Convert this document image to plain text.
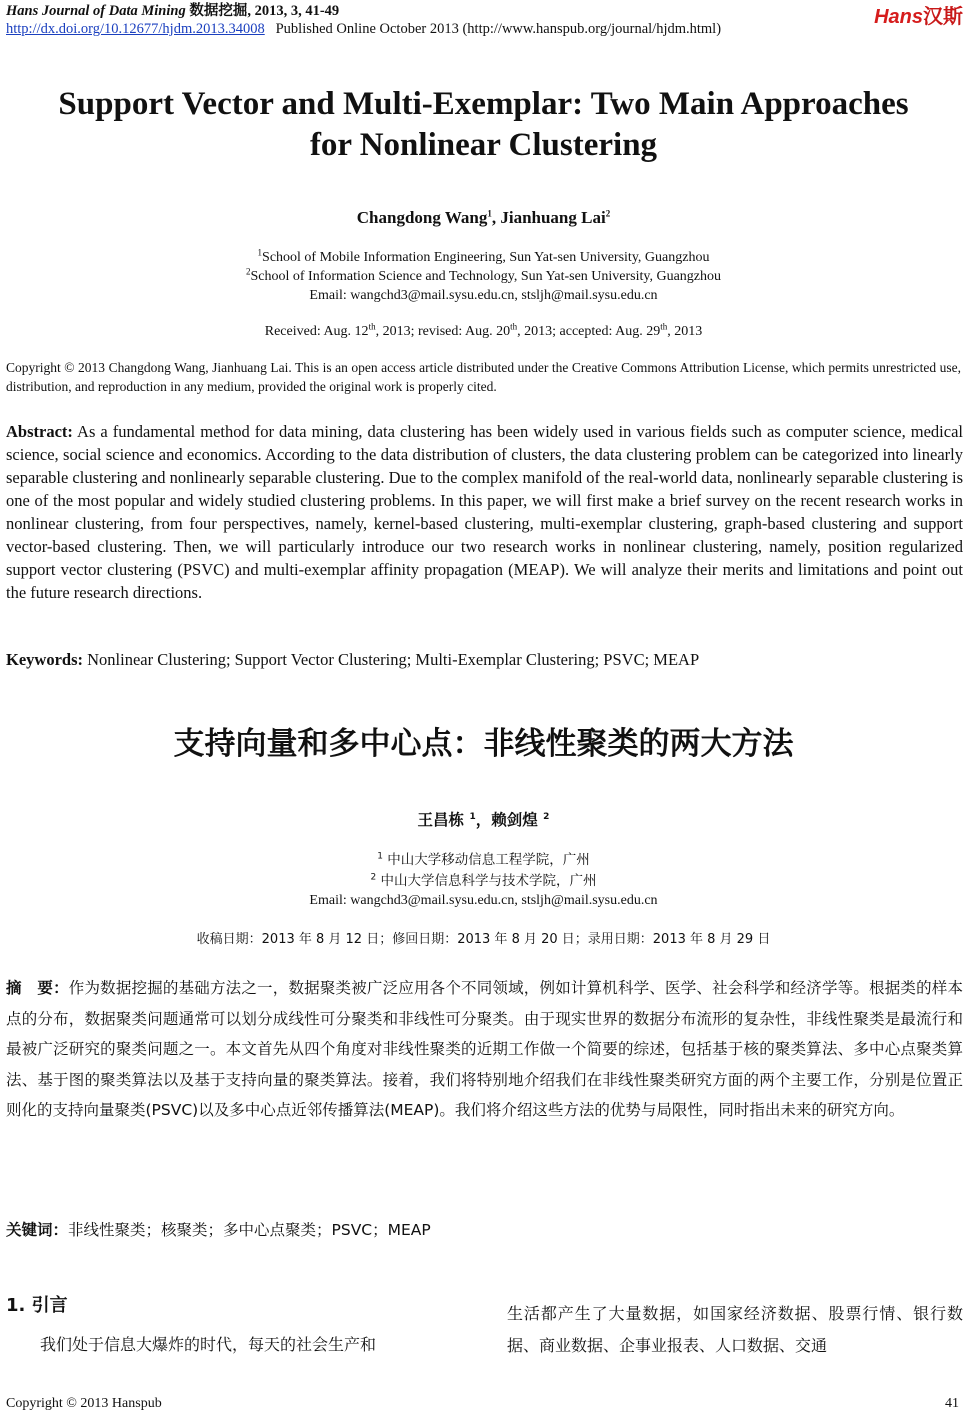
Hans Journal of Data Mining 数据挖掘, 2013, 3, 41-49
http://dx.doi.org/10.12677/hjdm.2013.34008 Published Online October 2013 (http://www.hanspub.org/journal/hjdm.html)
Hans汉斯
Support Vector and Multi-Exemplar: Two Main Approaches
for Nonlinear Clustering
Changdong Wang$^1$, Jianhuang Lai$^2$
$^1$School of Mobile Information Engineering, Sun Yat-sen University, Guangzhou
$^2$School of Information Science and Technology, Sun Yat-sen University, Guangzhou
Email: wangchd3@mail.sysu.edu.cn, stsljh@mail.sysu.edu.cn
Received: Aug. 12th, 2013; revised: Aug. 20th, 2013; accepted: Aug. 29th, 2013
Copyright © 2013 Changdong Wang, Jianhuang Lai. This is an open access article distributed under the Creative Commons Attribution License, which permits unrestricted use, distribution, and reproduction in any medium, provided the original work is properly cited.
Abstract: As a fundamental method for data mining, data clustering has been widely used in various fields such as computer science, medical science, social science and economics. According to the data distribution of clusters, the data clustering problem can be categorized into linearly separable clustering and nonlinearly separable clustering. Due to the complex manifold of the real-world data, nonlinearly separable clustering is one of the most popular and widely studied clustering problems. In this paper, we will first make a brief survey on the recent research works in nonlinear clustering, from four perspectives, namely, kernel-based clustering, multi-exemplar clustering, graph-based clustering and support vector-based clustering. Then, we will particularly introduce our two research works in nonlinear clustering, namely, position regularized support vector clustering (PSVC) and multi-exemplar affinity propagation (MEAP). We will analyze their merits and limitations and point out the future research directions.
Keywords: Nonlinear Clustering; Support Vector Clustering; Multi-Exemplar Clustering; PSVC; MEAP
支持向量和多中心点：非线性聚类的两大方法
王昌栋 $^1$，赖剑煌 $^2$
$^1$ 中山大学移动信息工程学院，广州
$^2$ 中山大学信息科学与技术学院，广州
Email: wangchd3@mail.sysu.edu.cn, stsljh@mail.sysu.edu.cn
收稿日期：2013 年 8 月 12 日；修回日期：2013 年 8 月 20 日；录用日期：2013 年 8 月 29 日
摘　要：作为数据挖掘的基础方法之一，数据聚类被广泛应用各个不同领域，例如计算机科学、医学、社会科学和经济学等。根据类的样本点的分布，数据聚类问题通常可以划分成线性可分聚类和非线性可分聚类。由于现实世界的数据分布流形的复杂性，非线性聚类是最流行和最被广泛研究的聚类问题之一。本文首先从四个角度对非线性聚类的近期工作做一个简要的综述，包括基于核的聚类算法、多中心点聚类算法、基于图的聚类算法以及基于支持向量的聚类算法。接着，我们将特别地介绍我们在非线性聚类研究方面的两个主要工作，分别是位置正则化的支持向量聚类(PSVC)以及多中心点近邻传播算法(MEAP)。我们将介绍这些方法的优势与局限性，同时指出未来的研究方向。
关键词：非线性聚类；核聚类；多中心点聚类；PSVC；MEAP
1. 引言
我们处于信息大爆炸的时代，每天的社会生产和
生活都产生了大量数据，如国家经济数据、股票行情、银行数据、商业数据、企事业报表、人口数据、交通
Copyright © 2013 Hanspub	41
